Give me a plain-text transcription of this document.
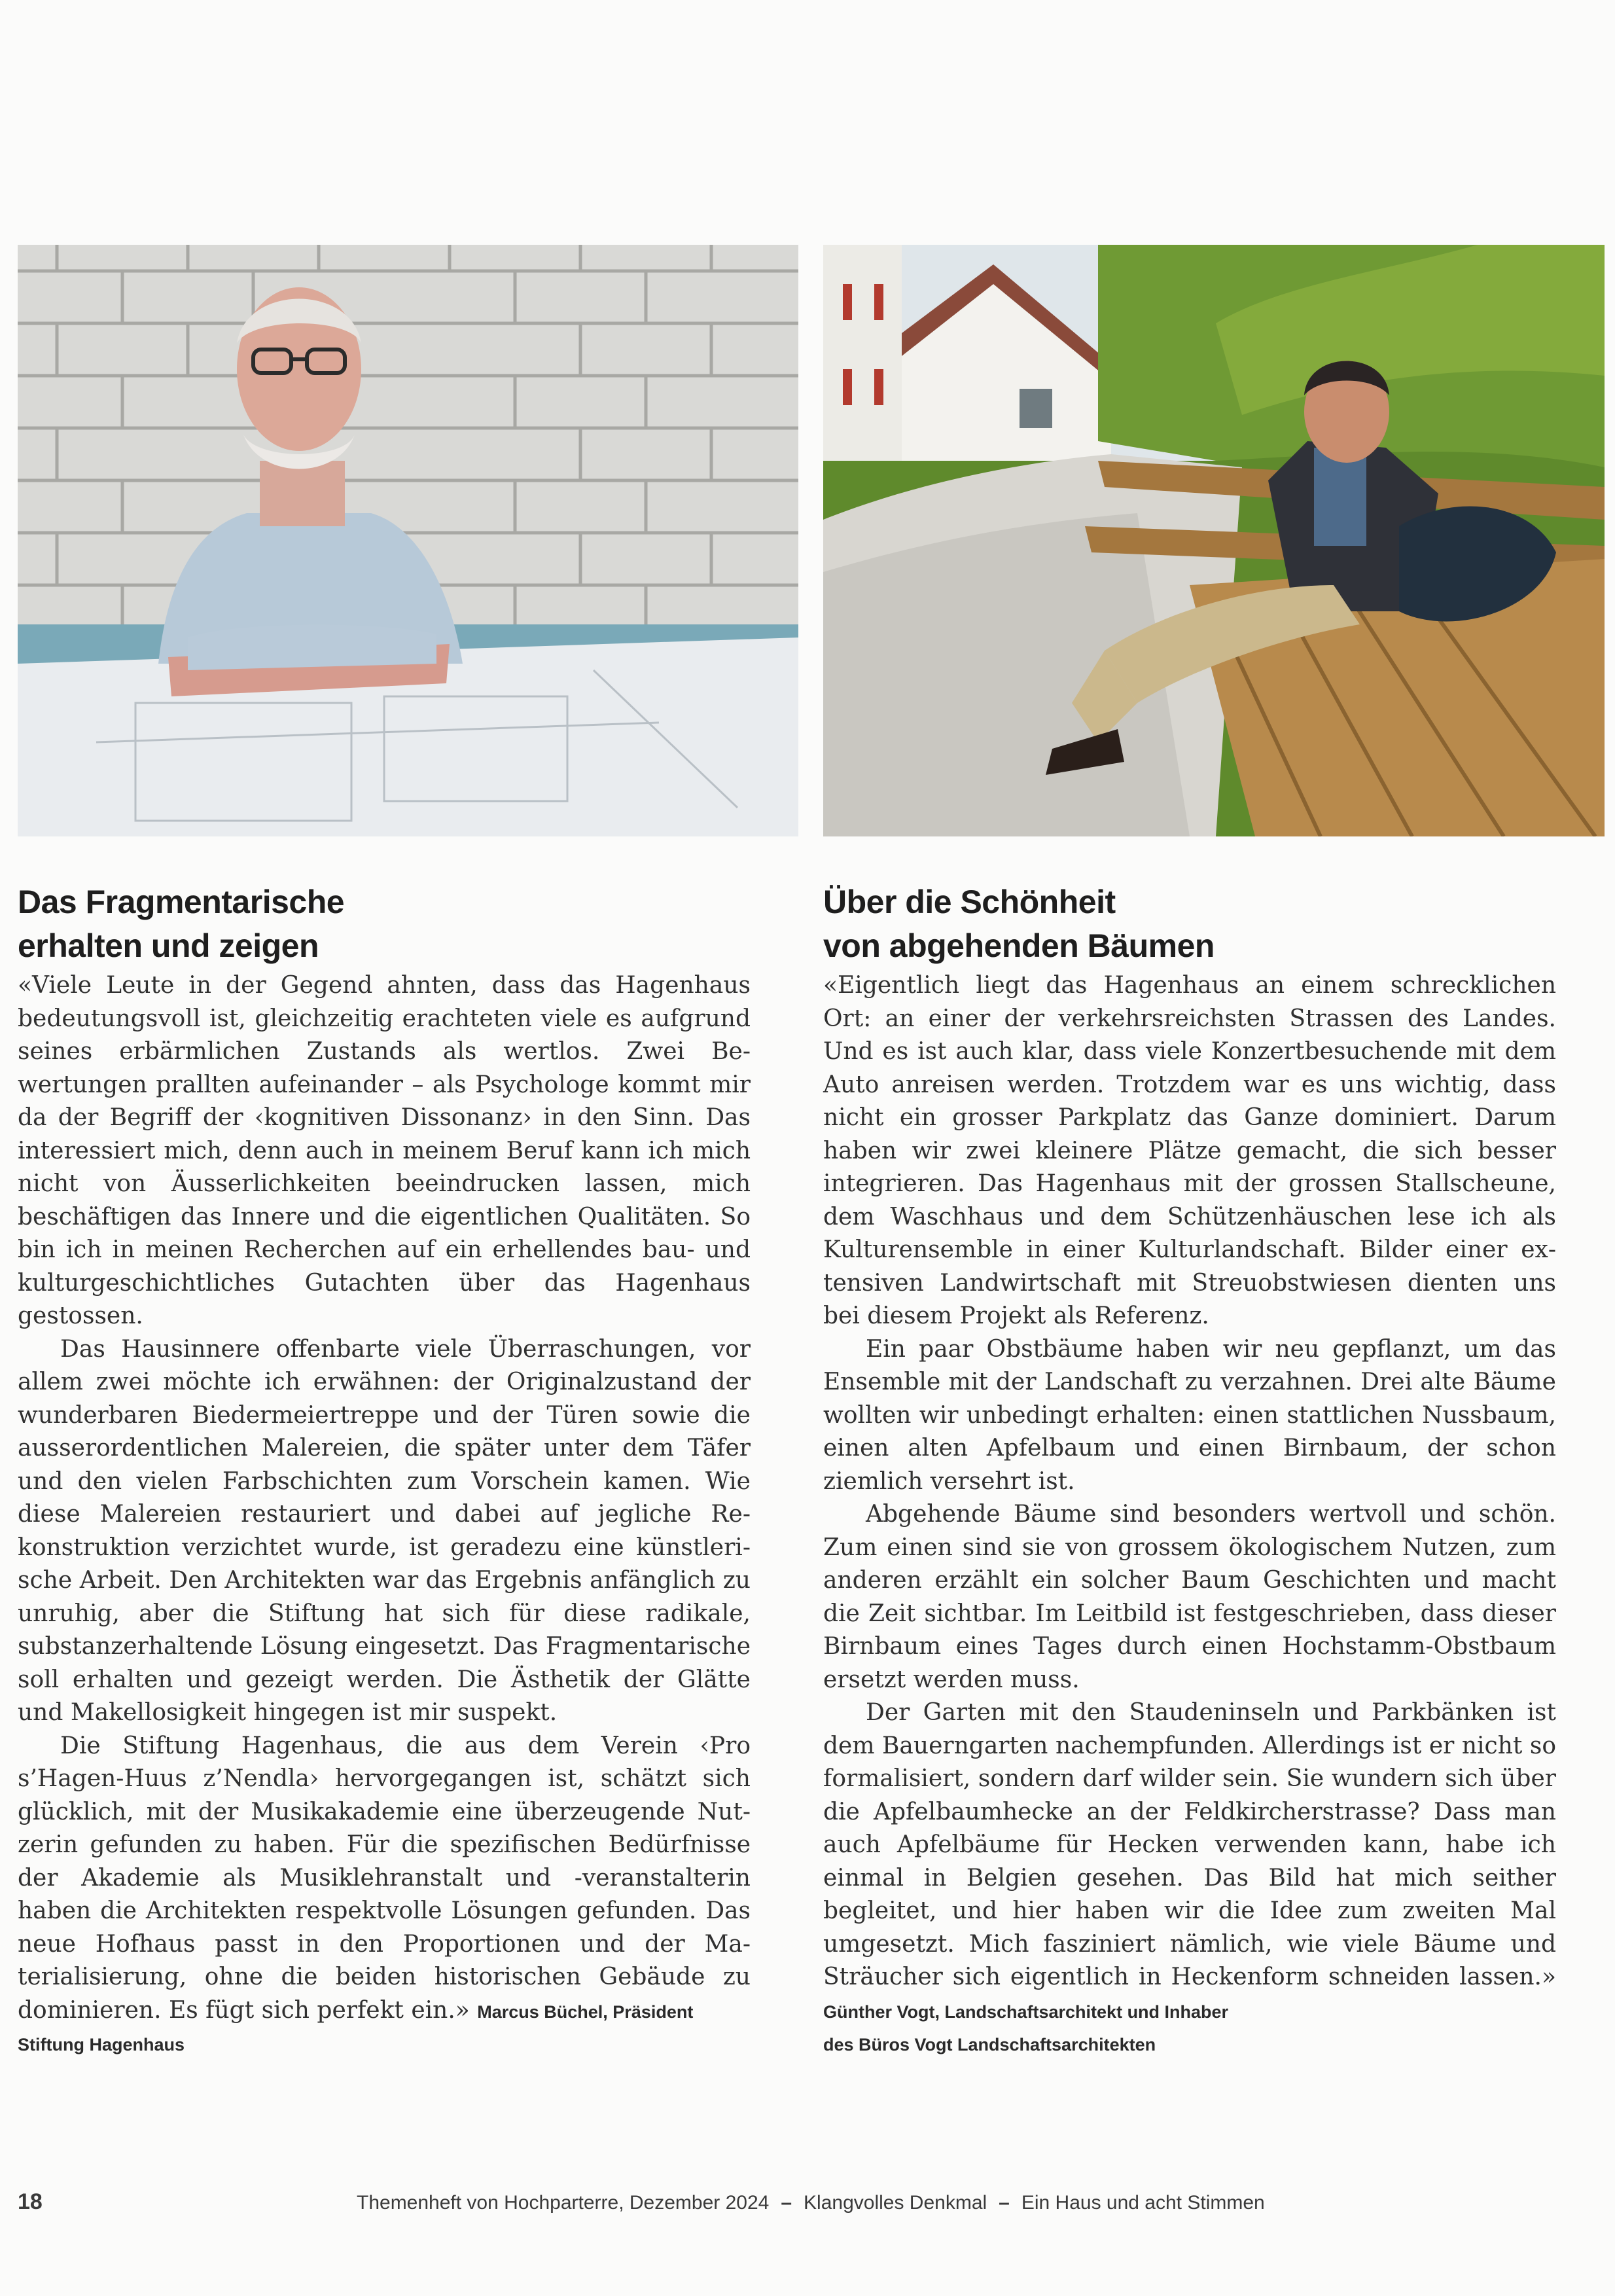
Das Fragmentarische
erhalten und zeigen

«Viele Leute in der Gegend ahnten, dass das Hagenhaus bedeutungsvoll ist, gleichzeitig erachteten viele es aufgrund seines erbärmlichen Zustands als wertlos. Zwei Bewertungen prallten aufeinander – als Psychologe kommt mir da der Begriff der ‹kognitiven Dissonanz› in den Sinn. Das interessiert mich, denn auch in meinem Beruf kann ich mich nicht von Äusserlichkeiten beeindrucken lassen, mich beschäftigen das Innere und die eigentlichen Qualitäten. So bin ich in meinen Recherchen auf ein erhellendes bau- und kulturgeschichtliches Gutachten über das Hagenhaus gestossen.

Das Hausinnere offenbarte viele Überraschungen, vor allem zwei möchte ich erwähnen: der Originalzustand der wunderbaren Biedermeiertreppe und der Türen sowie die ausserordentlichen Malereien, die später unter dem Täfer und den vielen Farbschichten zum Vorschein kamen. Wie diese Malereien restauriert und dabei auf jegliche Rekonstruktion verzichtet wurde, ist geradezu eine künstlerische Arbeit. Den Architekten war das Ergebnis anfänglich zu unruhig, aber die Stiftung hat sich für diese radikale, substanzerhaltende Lösung eingesetzt. Das Fragmentarische soll erhalten und gezeigt werden. Die Ästhetik der Glätte und Makellosigkeit hingegen ist mir suspekt.

Die Stiftung Hagenhaus, die aus dem Verein ‹Pro s’Hagen-Huus z’Nendla› hervorgegangen ist, schätzt sich glücklich, mit der Musikakademie eine überzeugende Nutzerin gefunden zu haben. Für die spezifischen Bedürfnisse der Akademie als Musiklehranstalt und -veranstalterin haben die Architekten respektvolle Lösungen gefunden. Das neue Hofhaus passt in den Proportionen und der Materialisierung, ohne die beiden historischen Gebäude zu dominieren. Es fügt sich perfekt ein.» Marcus Büchel, Präsident

Stiftung Hagenhaus

Über die Schönheit
von abgehenden Bäumen

«Eigentlich liegt das Hagenhaus an einem schrecklichen Ort: an einer der verkehrsreichsten Strassen des Landes. Und es ist auch klar, dass viele Konzertbesuchende mit dem Auto anreisen werden. Trotzdem war es uns wichtig, dass nicht ein grosser Parkplatz das Ganze dominiert. Darum haben wir zwei kleinere Plätze gemacht, die sich besser integrieren. Das Hagenhaus mit der grossen Stallscheune, dem Waschhaus und dem Schützenhäuschen lese ich als Kulturensemble in einer Kulturlandschaft. Bilder einer extensiven Landwirtschaft mit Streuobstwiesen dienten uns bei diesem Projekt als Referenz.

Ein paar Obstbäume haben wir neu gepflanzt, um das Ensemble mit der Landschaft zu verzahnen. Drei alte Bäume wollten wir unbedingt erhalten: einen stattlichen Nussbaum, einen alten Apfelbaum und einen Birnbaum, der schon ziemlich versehrt ist.

Abgehende Bäume sind besonders wertvoll und schön. Zum einen sind sie von grossem ökologischem Nutzen, zum anderen erzählt ein solcher Baum Geschichten und macht die Zeit sichtbar. Im Leitbild ist festgeschrieben, dass dieser Birnbaum eines Tages durch einen Hochstamm-Obstbaum ersetzt werden muss.

Der Garten mit den Staudeninseln und Parkbänken ist dem Bauerngarten nachempfunden. Allerdings ist er nicht so formalisiert, sondern darf wilder sein. Sie wundern sich über die Apfelbaumhecke an der Feldkircherstrasse? Dass man auch Apfelbäume für Hecken verwenden kann, habe ich einmal in Belgien gesehen. Das Bild hat mich seither begleitet, und hier haben wir die Idee zum zweiten Mal umgesetzt. Mich fasziniert nämlich, wie viele Bäume und Sträucher sich eigentlich in Heckenform schneiden lassen.» Günther Vogt, Landschaftsarchitekt und Inhaber

des Büros Vogt Landschaftsarchitekten

18	Themenheft von Hochparterre, Dezember 2024 – Klangvolles Denkmal – Ein Haus und acht Stimmen
